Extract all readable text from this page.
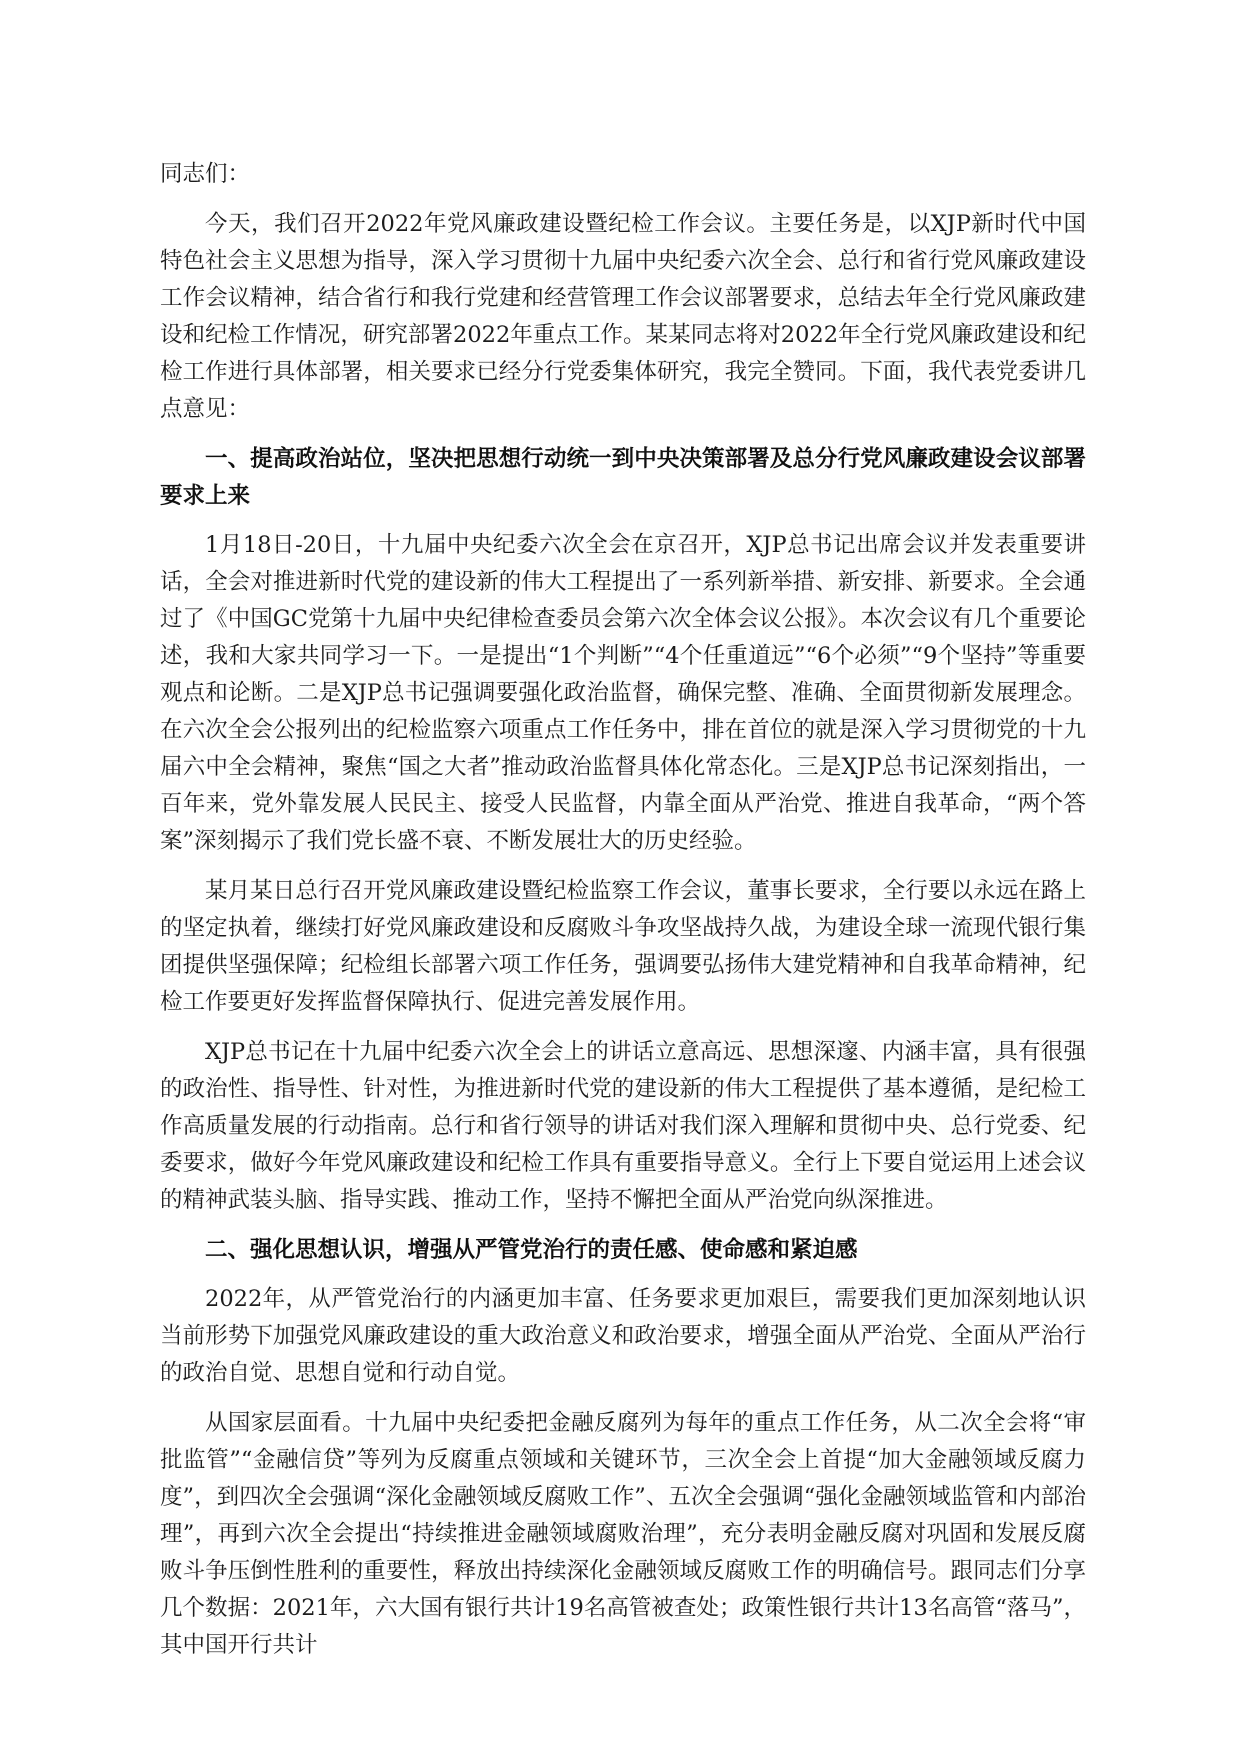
同志们：

今天，我们召开2022年党风廉政建设暨纪检工作会议。主要任务是，以XJP新时代中国特色社会主义思想为指导，深入学习贯彻十九届中央纪委六次全会、总行和省行党风廉政建设工作会议精神，结合省行和我行党建和经营管理工作会议部署要求，总结去年全行党风廉政建设和纪检工作情况，研究部署2022年重点工作。某某同志将对2022年全行党风廉政建设和纪检工作进行具体部署，相关要求已经分行党委集体研究，我完全赞同。下面，我代表党委讲几点意见：

一、提高政治站位，坚决把思想行动统一到中央决策部署及总分行党风廉政建设会议部署要求上来

1月18日-20日，十九届中央纪委六次全会在京召开，XJP总书记出席会议并发表重要讲话，全会对推进新时代党的建设新的伟大工程提出了一系列新举措、新安排、新要求。全会通过了《中国GC党第十九届中央纪律检查委员会第六次全体会议公报》。本次会议有几个重要论述，我和大家共同学习一下。一是提出“1个判断”“4个任重道远”“6个必须”“9个坚持”等重要观点和论断。二是XJP总书记强调要强化政治监督，确保完整、准确、全面贯彻新发展理念。在六次全会公报列出的纪检监察六项重点工作任务中，排在首位的就是深入学习贯彻党的十九届六中全会精神，聚焦“国之大者”推动政治监督具体化常态化。三是XJP总书记深刻指出，一百年来，党外靠发展人民民主、接受人民监督，内靠全面从严治党、推进自我革命，“两个答案”深刻揭示了我们党长盛不衰、不断发展壮大的历史经验。

某月某日总行召开党风廉政建设暨纪检监察工作会议，董事长要求，全行要以永远在路上的坚定执着，继续打好党风廉政建设和反腐败斗争攻坚战持久战，为建设全球一流现代银行集团提供坚强保障；纪检组长部署六项工作任务，强调要弘扬伟大建党精神和自我革命精神，纪检工作要更好发挥监督保障执行、促进完善发展作用。

XJP总书记在十九届中纪委六次全会上的讲话立意高远、思想深邃、内涵丰富，具有很强的政治性、指导性、针对性，为推进新时代党的建设新的伟大工程提供了基本遵循，是纪检工作高质量发展的行动指南。总行和省行领导的讲话对我们深入理解和贯彻中央、总行党委、纪委要求，做好今年党风廉政建设和纪检工作具有重要指导意义。全行上下要自觉运用上述会议的精神武装头脑、指导实践、推动工作，坚持不懈把全面从严治党向纵深推进。

二、强化思想认识，增强从严管党治行的责任感、使命感和紧迫感

2022年，从严管党治行的内涵更加丰富、任务要求更加艰巨，需要我们更加深刻地认识当前形势下加强党风廉政建设的重大政治意义和政治要求，增强全面从严治党、全面从严治行的政治自觉、思想自觉和行动自觉。

从国家层面看。十九届中央纪委把金融反腐列为每年的重点工作任务，从二次全会将“审批监管”“金融信贷”等列为反腐重点领域和关键环节，三次全会上首提“加大金融领域反腐力度”，到四次全会强调“深化金融领域反腐败工作”、五次全会强调“强化金融领域监管和内部治理”，再到六次全会提出“持续推进金融领域腐败治理”，充分表明金融反腐对巩固和发展反腐败斗争压倒性胜利的重要性，释放出持续深化金融领域反腐败工作的明确信号。跟同志们分享几个数据：2021年，六大国有银行共计19名高管被查处；政策性银行共计13名高管“落马”，其中国开行共计
